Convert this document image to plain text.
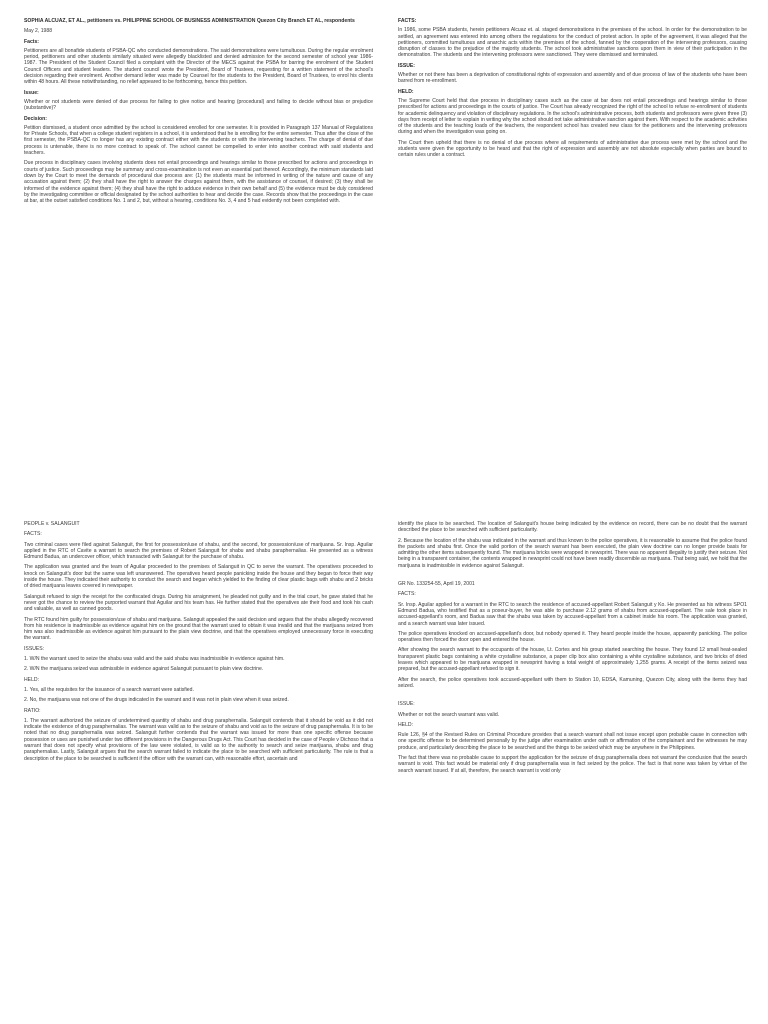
SOPHIA ALCUAZ, ET AL., petitioners vs. PHILIPPINE SCHOOL OF BUSINESS ADMINISTRATION Quezon City Branch ET AL, respondents

May 2, 1988

Facts:

Petitioners are all bonafide students of PSBA-QC who conducted demonstrations. The said demonstrations were tumultuous. During the regular enrolment period, petitioners and other students similarly situated were allegedly blacklisted and denied admission for the second semester of school year 1986-1987. The President of the Student Council filed a complaint with the Director of the MECS against the PSBA for barring the enrolment of the Student Council Officers and student leaders. The student council wrote the President, Board of Trustees, requesting for a written statement of the school's decision regarding their enrolment. Another demand letter was made by Counsel for the students to the President, Board of Trustees, to enrol his clients within 48 hours. All these notwithstanding, no relief appeared to be forthcoming, hence this petition.

Issue:

Whether or not students were denied of due process for failing to give notice and hearing (procedural) and failing to decide without bias or prejudice (substantive)?

Decision:

Petition dismissed, a student once admitted by the school is considered enrolled for one semester. It is provided in Paragraph 137 Manual of Regulations for Private Schools, that when a college student registers in a school, it is understood that he is enrolling for the entire semester. Thus after the close of the first semester, the PSBA-QC no longer has any existing contract either with the students or with the intervening teachers. The charge of denial of due process is untenable, there is no more contract to speak of. The school cannot be compelled to enter into another contract with said students and teachers.

Due process in disciplinary cases involving students does not entail proceedings and hearings similar to those prescribed for actions and proceedings in courts of justice. Such proceedings may be summary and cross-examination is not even an essential part thereof. Accordingly, the minimum standards laid down by the Court to meet the demands of procedural due process are: (1) the students must be informed in writing of the nature and cause of any accusation against them; (2) they shall have the right to answer the charges against them, with the assistance of counsel, if desired; (3) they shall be informed of the evidence against them; (4) they shall have the right to adduce evidence in their own behalf and (5) the evidence must be duly considered by the investigating committee or official designated by the school authorities to hear and decide the case. Records show that the proceedings in the case at bar, at the outset satisfied conditions No. 1 and 2, but, without a hearing, conditions No. 3, 4 and 5 had evidently not been completed with.

FACTS:

In 1986, some PSBA students, herein petitioners Alcuaz et. al. staged demonstrations in the premises of the school. In order for the demonstration to be settled, an agreement was entered into among others the regulations for the conduct of protest action. In spite of the agreement, it was alleged that the petitioners, committed tumultuous and anarchic acts within the premises of the school, fanned by the cooperation of the intervening professors, causing disruption of classes to the prejudice of the majority students. The school took administrative sanctions upon them in view of their participation in the demonstration. The students and the intervening professors were sanctioned. They were dismissed and terminated.

ISSUE:

Whether or not there has been a deprivation of constitutional rights of expression and assembly and of due process of law of the students who have been barred from re-enrollment.

HELD:

The Supreme Court held that due process in disciplinary cases such as the case at bar does not entail proceedings and hearings similar to those prescribed for actions and proceedings in the courts of justice. The Court has already recognized the right of the school to refuse re-enrollment of students for academic delinquency and violation of disciplinary regulations. In the school's administrative process, both students and professors were given three (3) days from receipt of letter to explain in writing why the school should not take administrative sanction against them. With respect to the academic activities of the students and the teaching loads of the teachers, the respondent school has created new class for the petitioners and the intervening professors during and when the investigation was going on.

The Court then upheld that there is no denial of due process where all requirements of administrative due process were met by the school and the students were given the opportunity to be heard and that the right of expression and assembly are not absolute especially when parties are bound to certain rules under a contract.

PEOPLE v. SALANGUIT

FACTS:

Two criminal cases were filed against Salanguit, the first for possession/use of shabu, and the second, for possession/use of marijuana. Sr. Insp. Aguilar applied in the RTC of Cavite a warrant to search the premises of Robert Salanguit for shabu and shabu paraphernalias. He presented as a witness Edmund Badua, an undercover officer, which transacted with Salanguit for the purchase of shabu.

The application was granted and the team of Aguilar proceeded to the premises of Salanguit in QC to serve the warrant. The operatives proceeded to knock on Salanguit's door but the same was left unanswered. The operatives heard people panicking inside the house and they began to force their way inside the house. They indicated their authority to conduct the search and began which yielded to the finding of clear plastic bags with shabu and 2 bricks of dried marijuana leaves covered in newspaper.

Salanguit refused to sign the receipt for the confiscated drugs. During his arraignment, he pleaded not guilty and in the trial court, he gave stated that he never got the chance to review the purported warrant that Aguilar and his team has. He further stated that the operatives ate their food and took his cash and valuable, as well as canned goods.

The RTC found him guilty for possession/use of shabu and marijuana. Salanguit appealed the said decision and argues that the shabu allegedly recovered from his residence is inadmissible as evidence against him on the ground that the warrant used to obtain it was invalid and that the marijuana seized from him was also inadmissible as evidence against him pursuant to the plain view doctrine, and that the operatives employed unnecessary force in executing the warrant.

ISSUES:

1. W/N the warrant used to seize the shabu was valid and the said shabu was inadmissible in evidence against him.

2. W/N the marijuana seized was admissible in evidence against Salanguit pursuant to plain view doctrine.

HELD:

1. Yes, all the requisites for the issuance of a search warrant were satisfied.

2. No, the marijuana was not one of the drugs indicated in the warrant and it was not in plain view when it was seized.

RATIO:

1. The warrant authorized the seizure of undetermined quantity of shabu and drug paraphernalia. Salanguit contends that it should be void as it did not indicate the existence of drug paraphernalias. The warrant was valid as to the seizure of shabu and void as to the seizure of drug paraphernalia. It is to be noted that no drug paraphernalia was seized. Salanguit further contends that the warrant was issued for more than one specific offense because possession or uses are punished under two different provisions in the Dangerous Drugs Act. This Court has decided in the case of People v Dichoso that a warrant that does not specify what provisions of the law were violated, is valid as to the authority to search and seize marijuana, shabu and drug paraphernalias. Lastly, Salanguit argues that the search warrant failed to indicate the place to be searched with sufficient particularity. The rule is that a description of the place to be searched is sufficient if the officer with the warrant can, with reasonable effort, ascertain and

identify the place to be searched. The location of Salanguit's house being indicated by the evidence on record, there can be no doubt that the warrant described the place to be searched with sufficient particularity.

2. Because the location of the shabu was indicated in the warrant and thus known to the police operatives, it is reasonable to assume that the police found the packets and shabu first. Once the valid portion of the search warrant has been executed, the plain view doctrine can no longer provide basis for admitting the other items subsequently found. The marijuana bricks were wrapped in newsprint. There was no apparent illegality to justify their seizure. Not being in a transparent container, the contents wrapped in newsprint could not have been readily discernible as marijuana. That being said, we hold that the marijuana is inadmissible in evidence against Salanguit.

GR No. 133254-55, April 19, 2001

FACTS:

Sr. Insp. Aguilar applied for a warrant in the RTC to search the residence of accused-appellant Robert Salanguit y Ko. He presented as his witness SPO1 Edmund Badua, who testified that as a poseur-buyer, he was able to purchase 2.12 grams of shabu from accused-appellant. The sale took place in accused-appellant's room, and Badua saw that the shabu was taken by accused-appellant from a cabinet inside his room. The application was granted, and a search warrant was later issued.

The police operatives knocked on accused-appellant's door, but nobody opened it. They heard people inside the house, apparently panicking. The police operatives then forced the door open and entered the house.

After showing the search warrant to the occupants of the house, Lt. Cortes and his group started searching the house. They found 12 small heat-sealed transparent plastic bags containing a white crystalline substance, a paper clip box also containing a white crystalline substance, and two bricks of dried leaves which appeared to be marijuana wrapped in newsprint having a total weight of approximately 1,255 grams. A receipt of the items seized was prepared, but the accused-appellant refused to sign it.

After the search, the police operatives took accused-appellant with them to Station 10, EDSA, Kamuning, Quezon City, along with the items they had seized.

ISSUE:

Whether or not the search warrant was valid.

HELD:

Rule 126, §4 of the Revised Rules on Criminal Procedure provides that a search warrant shall not issue except upon probable cause in connection with one specific offense to be determined personally by the judge after examination under oath or affirmation of the complainant and the witnesses he may produce, and particularly describing the place to be searched and the things to be seized which may be anywhere in the Philippines.

The fact that there was no probable cause to support the application for the seizure of drug paraphernalia does not warrant the conclusion that the search warrant is void. This fact would be material only if drug paraphernalia was in fact seized by the police. The fact is that none was taken by virtue of the search warrant issued. If at all, therefore, the search warrant is void only
